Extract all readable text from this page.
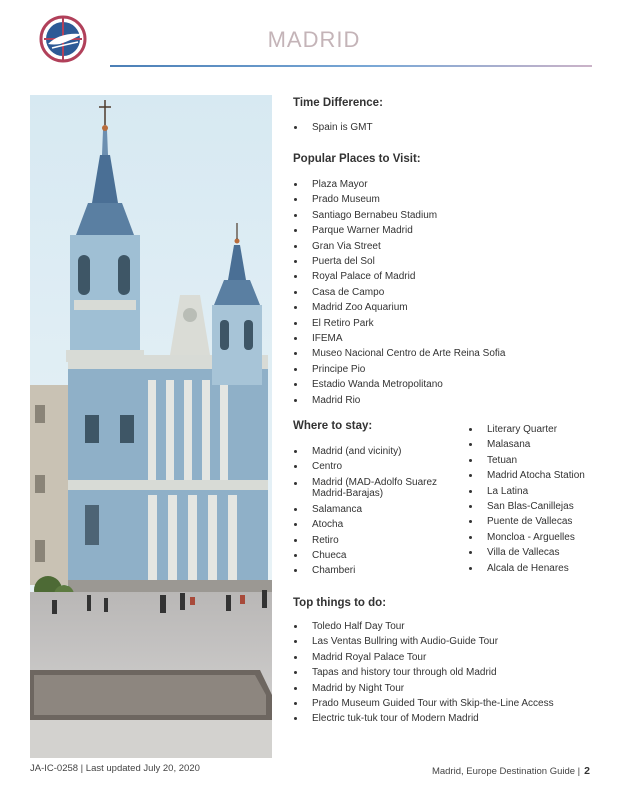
MADRID
Time Difference:
Spain is GMT
Popular Places to Visit:
Plaza Mayor
Prado Museum
Santiago Bernabeu Stadium
Parque Warner Madrid
Gran Via Street
Puerta del Sol
Royal Palace of Madrid
Casa de Campo
Madrid Zoo Aquarium
El Retiro Park
IFEMA
Museo Nacional Centro de Arte Reina Sofia
Principe Pio
Estadio Wanda Metropolitano
Madrid Rio
Where to stay:
Madrid (and vicinity)
Centro
Madrid (MAD-Adolfo Suarez Madrid-Barajas)
Salamanca
Atocha
Retiro
Chueca
Chamberi
Literary Quarter
Malasana
Tetuan
Madrid Atocha Station
La Latina
San Blas-Canillejas
Puente de Vallecas
Moncloa - Arguelles
Villa de Vallecas
Alcala de Henares
Top things to do:
Toledo Half Day Tour
Las Ventas Bullring with Audio-Guide Tour
Madrid Royal Palace Tour
Tapas and history tour through old Madrid
Madrid by Night Tour
Prado Museum Guided Tour with Skip-the-Line Access
Electric tuk-tuk tour of Modern Madrid
JA-IC-0258 | Last updated July 20, 2020	Madrid, Europe Destination Guide | 2
